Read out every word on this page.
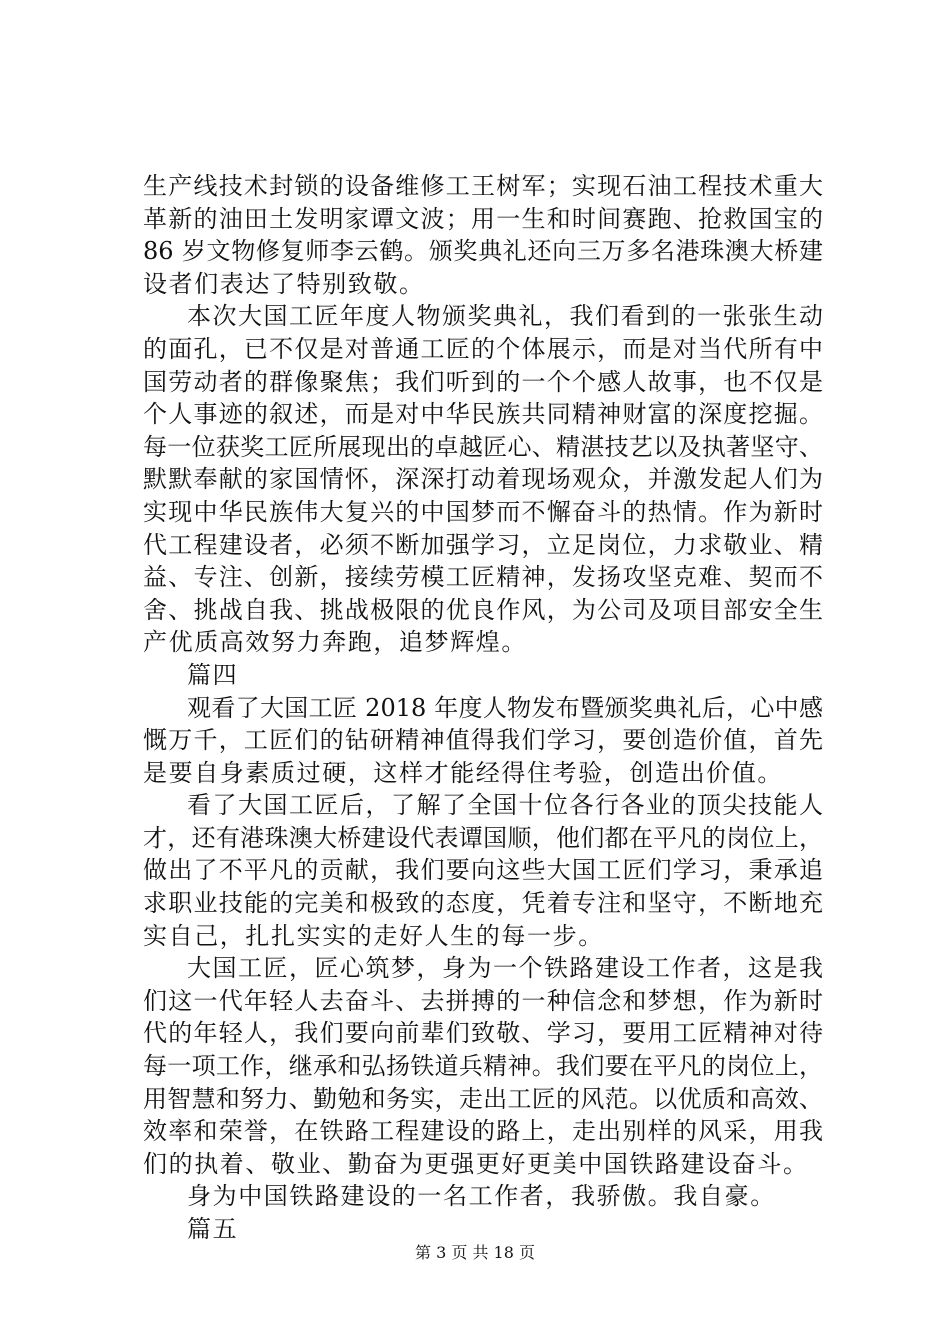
生产线技术封锁的设备维修工王树军；实现石油工程技术重大
革新的油田土发明家谭文波；用一生和时间赛跑、抢救国宝的
86 岁文物修复师李云鹤。颁奖典礼还向三万多名港珠澳大桥建
设者们表达了特别致敬。
本次大国工匠年度人物颁奖典礼，我们看到的一张张生动
的面孔，已不仅是对普通工匠的个体展示，而是对当代所有中
国劳动者的群像聚焦；我们听到的一个个感人故事，也不仅是
个人事迹的叙述，而是对中华民族共同精神财富的深度挖掘。
每一位获奖工匠所展现出的卓越匠心、精湛技艺以及执著坚守、
默默奉献的家国情怀，深深打动着现场观众，并激发起人们为
实现中华民族伟大复兴的中国梦而不懈奋斗的热情。作为新时
代工程建设者，必须不断加强学习，立足岗位，力求敬业、精
益、专注、创新，接续劳模工匠精神，发扬攻坚克难、契而不
舍、挑战自我、挑战极限的优良作风，为公司及项目部安全生
产优质高效努力奔跑，追梦辉煌。
篇四
观看了大国工匠 2018 年度人物发布暨颁奖典礼后，心中感
慨万千，工匠们的钻研精神值得我们学习，要创造价值，首先
是要自身素质过硬，这样才能经得住考验，创造出价值。
看了大国工匠后，了解了全国十位各行各业的顶尖技能人
才，还有港珠澳大桥建设代表谭国顺，他们都在平凡的岗位上，
做出了不平凡的贡献，我们要向这些大国工匠们学习，秉承追
求职业技能的完美和极致的态度，凭着专注和坚守，不断地充
实自己，扎扎实实的走好人生的每一步。
大国工匠，匠心筑梦，身为一个铁路建设工作者，这是我
们这一代年轻人去奋斗、去拼搏的一种信念和梦想，作为新时
代的年轻人，我们要向前辈们致敬、学习，要用工匠精神对待
每一项工作，继承和弘扬铁道兵精神。我们要在平凡的岗位上，
用智慧和努力、勤勉和务实，走出工匠的风范。以优质和高效、
效率和荣誉，在铁路工程建设的路上，走出别样的风采，用我
们的执着、敬业、勤奋为更强更好更美中国铁路建设奋斗。
身为中国铁路建设的一名工作者，我骄傲。我自豪。
篇五
第 3 页 共 18 页
